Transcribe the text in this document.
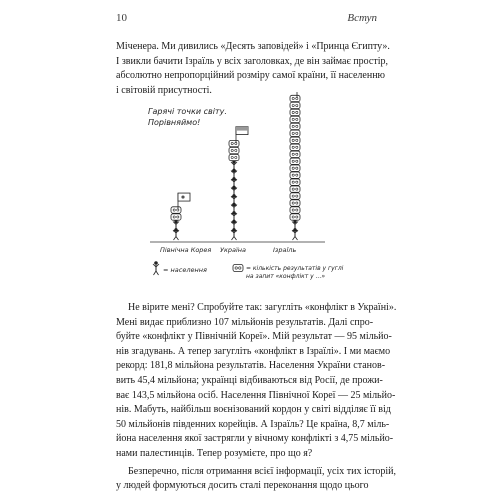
10	Вступ

Міченера. Ми дивились «Десять заповідей» і «Принца Єгипту».

І звикли бачити Ізраїль у всіх заголовках, де він займає простір,

абсолютно непропорційний розміру самої країни, її населенню

і світовій присутності.

Гарячі точки світу.
Порівняймо!
Північна Корея Україна	Ізраїль
= населення	= кількість результатів у гуглі
на запит «конфлікт у ...»

Не вірите мені? Спробуйте так: загугліть «конфлікт в Україні».

Мені видає приблизно 107 мільйонів результатів. Далі спро-

буйте «конфлікт у Північній Кореї». Мій результат — 95 мільйо-

нів згадувань. А тепер загугліть «конфлікт в Ізраїлі». І ми маємо

рекорд: 181,8 мільйона результатів. Населення України станов-

вить 45,4 мільйона; українці відбиваються від Росії, де прожи-

ває 143,5 мільйона осіб. Населення Північної Кореї — 25 мільйо-

нів. Мабуть, найбільш воєнізований кордон у світі відділяє її від

50 мільйонів південних корейців. А Ізраїль? Це країна, 8,7 міль-

йона населення якої застрягли у вічному конфлікті з 4,75 мільйо-

нами палестинців. Тепер розумієте, про що я?

Безперечно, після отримання всієї інформації, усіх тих історій,

у людей формуються досить сталі переконання щодо цього
